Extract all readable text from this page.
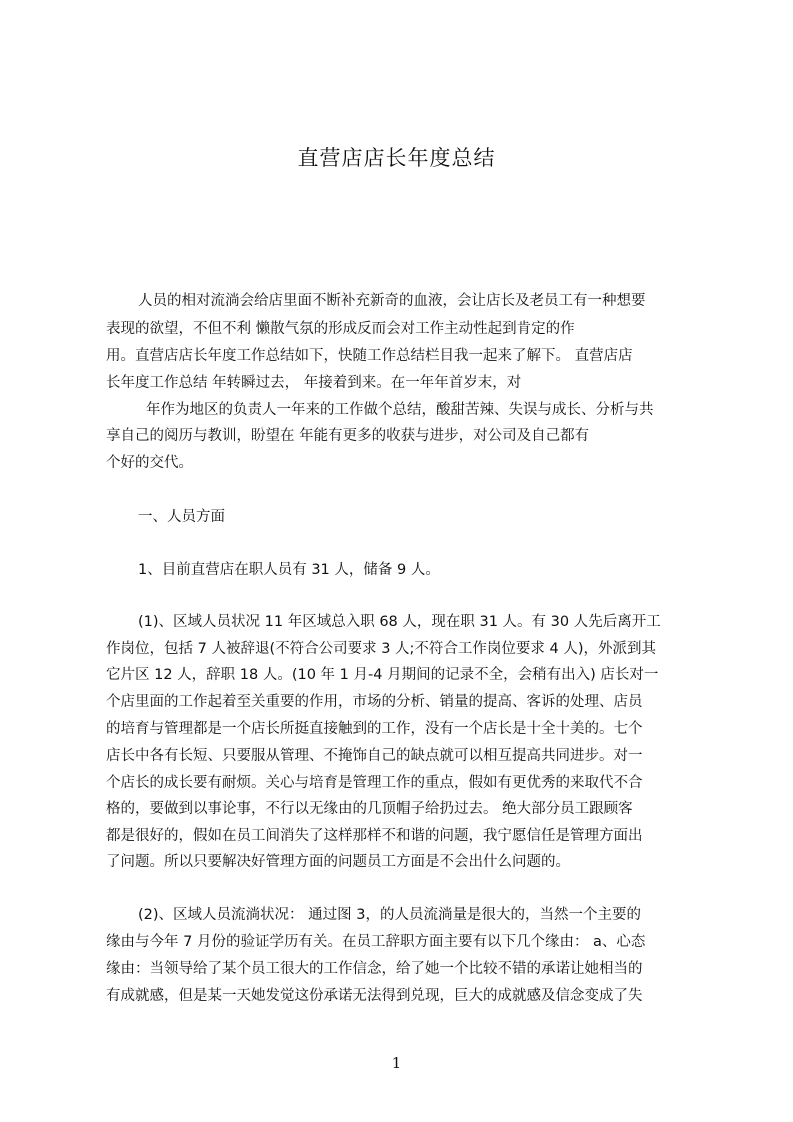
直营店店长年度总结
人员的相对流淌会给店里面不断补充新奇的血液，会让店长及老员工有一种想要
表现的欲望，不但不利 懒散气氛的形成反而会对工作主动性起到肯定的作
用。直营店店长年度工作总结如下，快随工作总结栏目我一起来了解下。 直营店店
长年度工作总结 年转瞬过去， 年接着到来。在一年年首岁末，对
年作为地区的负责人一年来的工作做个总结，酸甜苦辣、失误与成长、分析与共
享自己的阅历与教训，盼望在 年能有更多的收获与进步，对公司及自己都有
个好的交代。
一、人员方面
1、目前直营店在职人员有 31 人，储备 9 人。
(1)、区域人员状况 11 年区域总入职 68 人，现在职 31 人。有 30 人先后离开工
作岗位，包括 7 人被辞退(不符合公司要求 3 人;不符合工作岗位要求 4 人)，外派到其
它片区 12 人，辞职 18 人。(10 年 1 月-4 月期间的记录不全，会稍有出入) 店长对一
个店里面的工作起着至关重要的作用，市场的分析、销量的提高、客诉的处理、店员
的培育与管理都是一个店长所挺直接触到的工作，没有一个店长是十全十美的。七个
店长中各有长短、只要服从管理、不掩饰自己的缺点就可以相互提高共同进步。对一
个店长的成长要有耐烦。关心与培育是管理工作的重点，假如有更优秀的来取代不合
格的，要做到以事论事，不行以无缘由的几顶帽子给扔过去。 绝大部分员工跟顾客
都是很好的，假如在员工间消失了这样那样不和谐的问题，我宁愿信任是管理方面出
了问题。所以只要解决好管理方面的问题员工方面是不会出什么问题的。
(2)、区域人员流淌状况： 通过图 3，的人员流淌量是很大的，当然一个主要的
缘由与今年 7 月份的验证学历有关。在员工辞职方面主要有以下几个缘由： a、心态
缘由：当领导给了某个员工很大的工作信念，给了她一个比较不错的承诺让她相当的
有成就感，但是某一天她发觉这份承诺无法得到兑现，巨大的成就感及信念变成了失
1
